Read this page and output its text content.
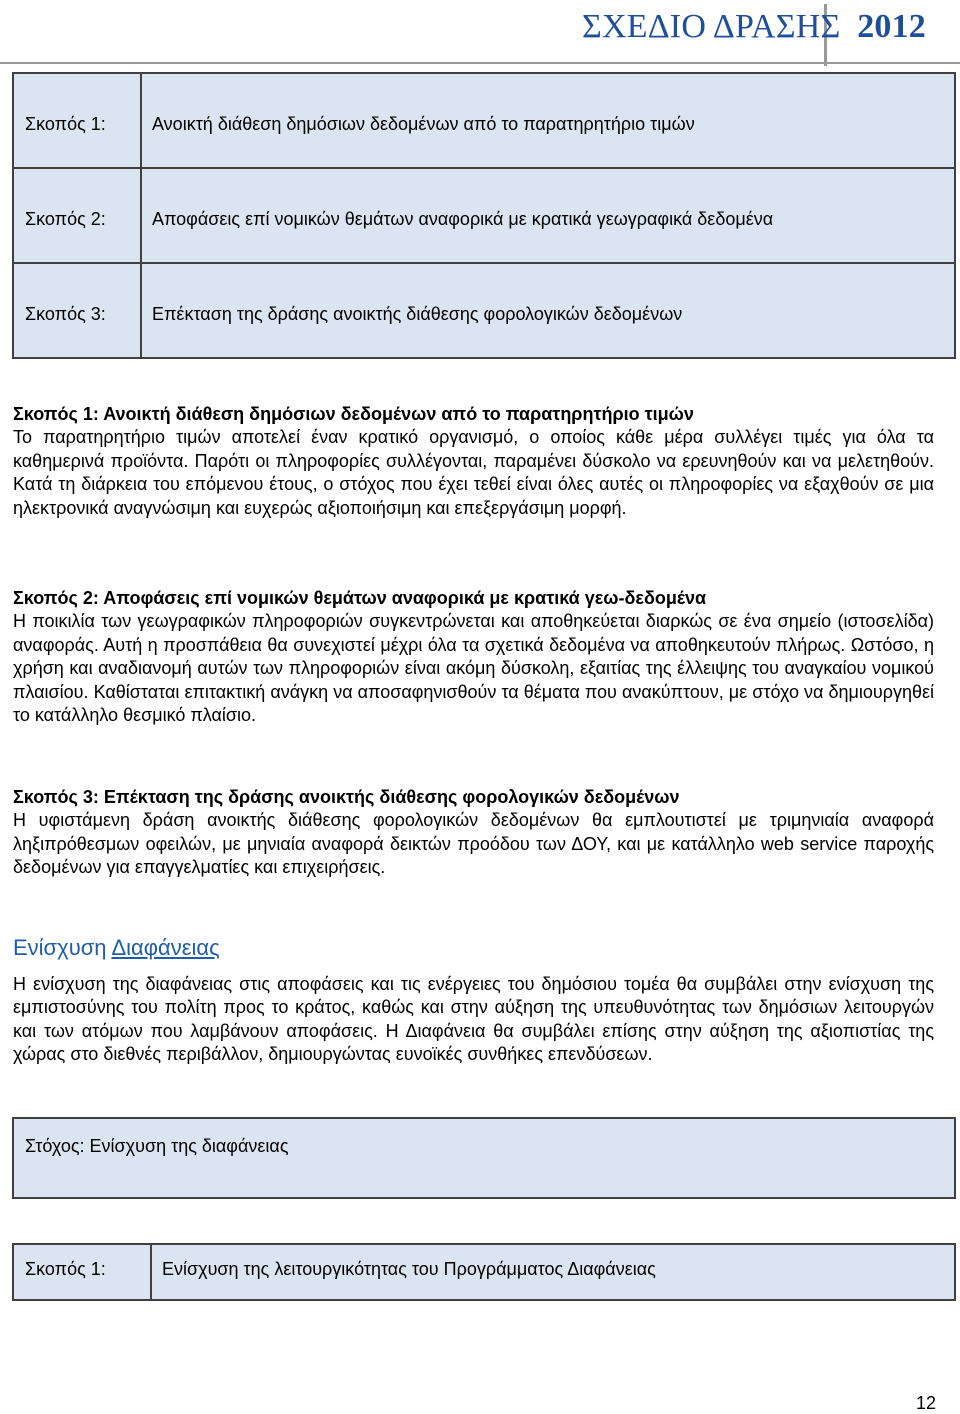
ΣΧΕΔΙΟ ΔΡΑΣΗΣ 2012
Σκοπός 1:	Ανοικτή διάθεση δημόσιων δεδομένων από το παρατηρητήριο τιμών

Σκοπός 2:	Αποφάσεις επί νομικών θεμάτων αναφορικά με κρατικά γεωγραφικά δεδομένα

Σκοπός 3:	Επέκταση της δράσης ανοικτής διάθεσης φορολογικών δεδομένων

Σκοπός 1: Ανοικτή διάθεση δημόσιων δεδομένων από το παρατηρητήριο τιμών

Το παρατηρητήριο τιμών αποτελεί έναν κρατικό οργανισμό, ο οποίος κάθε μέρα συλλέγει τιμές για όλα τα καθημερινά προϊόντα. Παρότι οι πληροφορίες συλλέγονται, παραμένει δύσκολο να ερευνηθούν και να μελετηθούν. Κατά τη διάρκεια του επόμενου έτους, ο στόχος που έχει τεθεί είναι όλες αυτές οι πληροφορίες να εξαχθούν σε μια ηλεκτρονικά αναγνώσιμη και ευχερώς αξιοποιήσιμη και επεξεργάσιμη μορφή.

Σκοπός 2: Αποφάσεις επί νομικών θεμάτων αναφορικά με κρατικά γεω-δεδομένα

Η ποικιλία των γεωγραφικών πληροφοριών συγκεντρώνεται και αποθηκεύεται διαρκώς σε ένα σημείο (ιστοσελίδα) αναφοράς. Αυτή η προσπάθεια θα συνεχιστεί μέχρι όλα τα σχετικά δεδομένα να αποθηκευτούν πλήρως. Ωστόσο, η χρήση και αναδιανομή αυτών των πληροφοριών είναι ακόμη δύσκολη, εξαιτίας της έλλειψης του αναγκαίου νομικού πλαισίου. Καθίσταται επιτακτική ανάγκη να αποσαφηνισθούν τα θέματα που ανακύπτουν, με στόχο να δημιουργηθεί το κατάλληλο θεσμικό πλαίσιο.

Σκοπός 3: Επέκταση της δράσης ανοικτής διάθεσης φορολογικών δεδομένων

Η υφιστάμενη δράση ανοικτής διάθεσης φορολογικών δεδομένων θα εμπλουτιστεί με τριμηνιαία αναφορά ληξιπρόθεσμων οφειλών, με μηνιαία αναφορά δεικτών προόδου των ΔΟΥ, και με κατάλληλο web service παροχής δεδομένων για επαγγελματίες και επιχειρήσεις.

Ενίσχυση Διαφάνειας

Η ενίσχυση της διαφάνειας στις αποφάσεις και τις ενέργειες του δημόσιου τομέα θα συμβάλει στην ενίσχυση της εμπιστοσύνης του πολίτη προς το κράτος, καθώς και στην αύξηση της υπευθυνότητας των δημόσιων λειτουργών και των ατόμων που λαμβάνουν αποφάσεις. Η Διαφάνεια θα συμβάλει επίσης στην αύξηση της αξιοπιστίας της χώρας στο διεθνές περιβάλλον, δημιουργώντας ευνοϊκές συνθήκες επενδύσεων.

Στόχος: Ενίσχυση της διαφάνειας
Σκοπός 1:	Ενίσχυση της λειτουργικότητας του Προγράμματος Διαφάνειας
12
